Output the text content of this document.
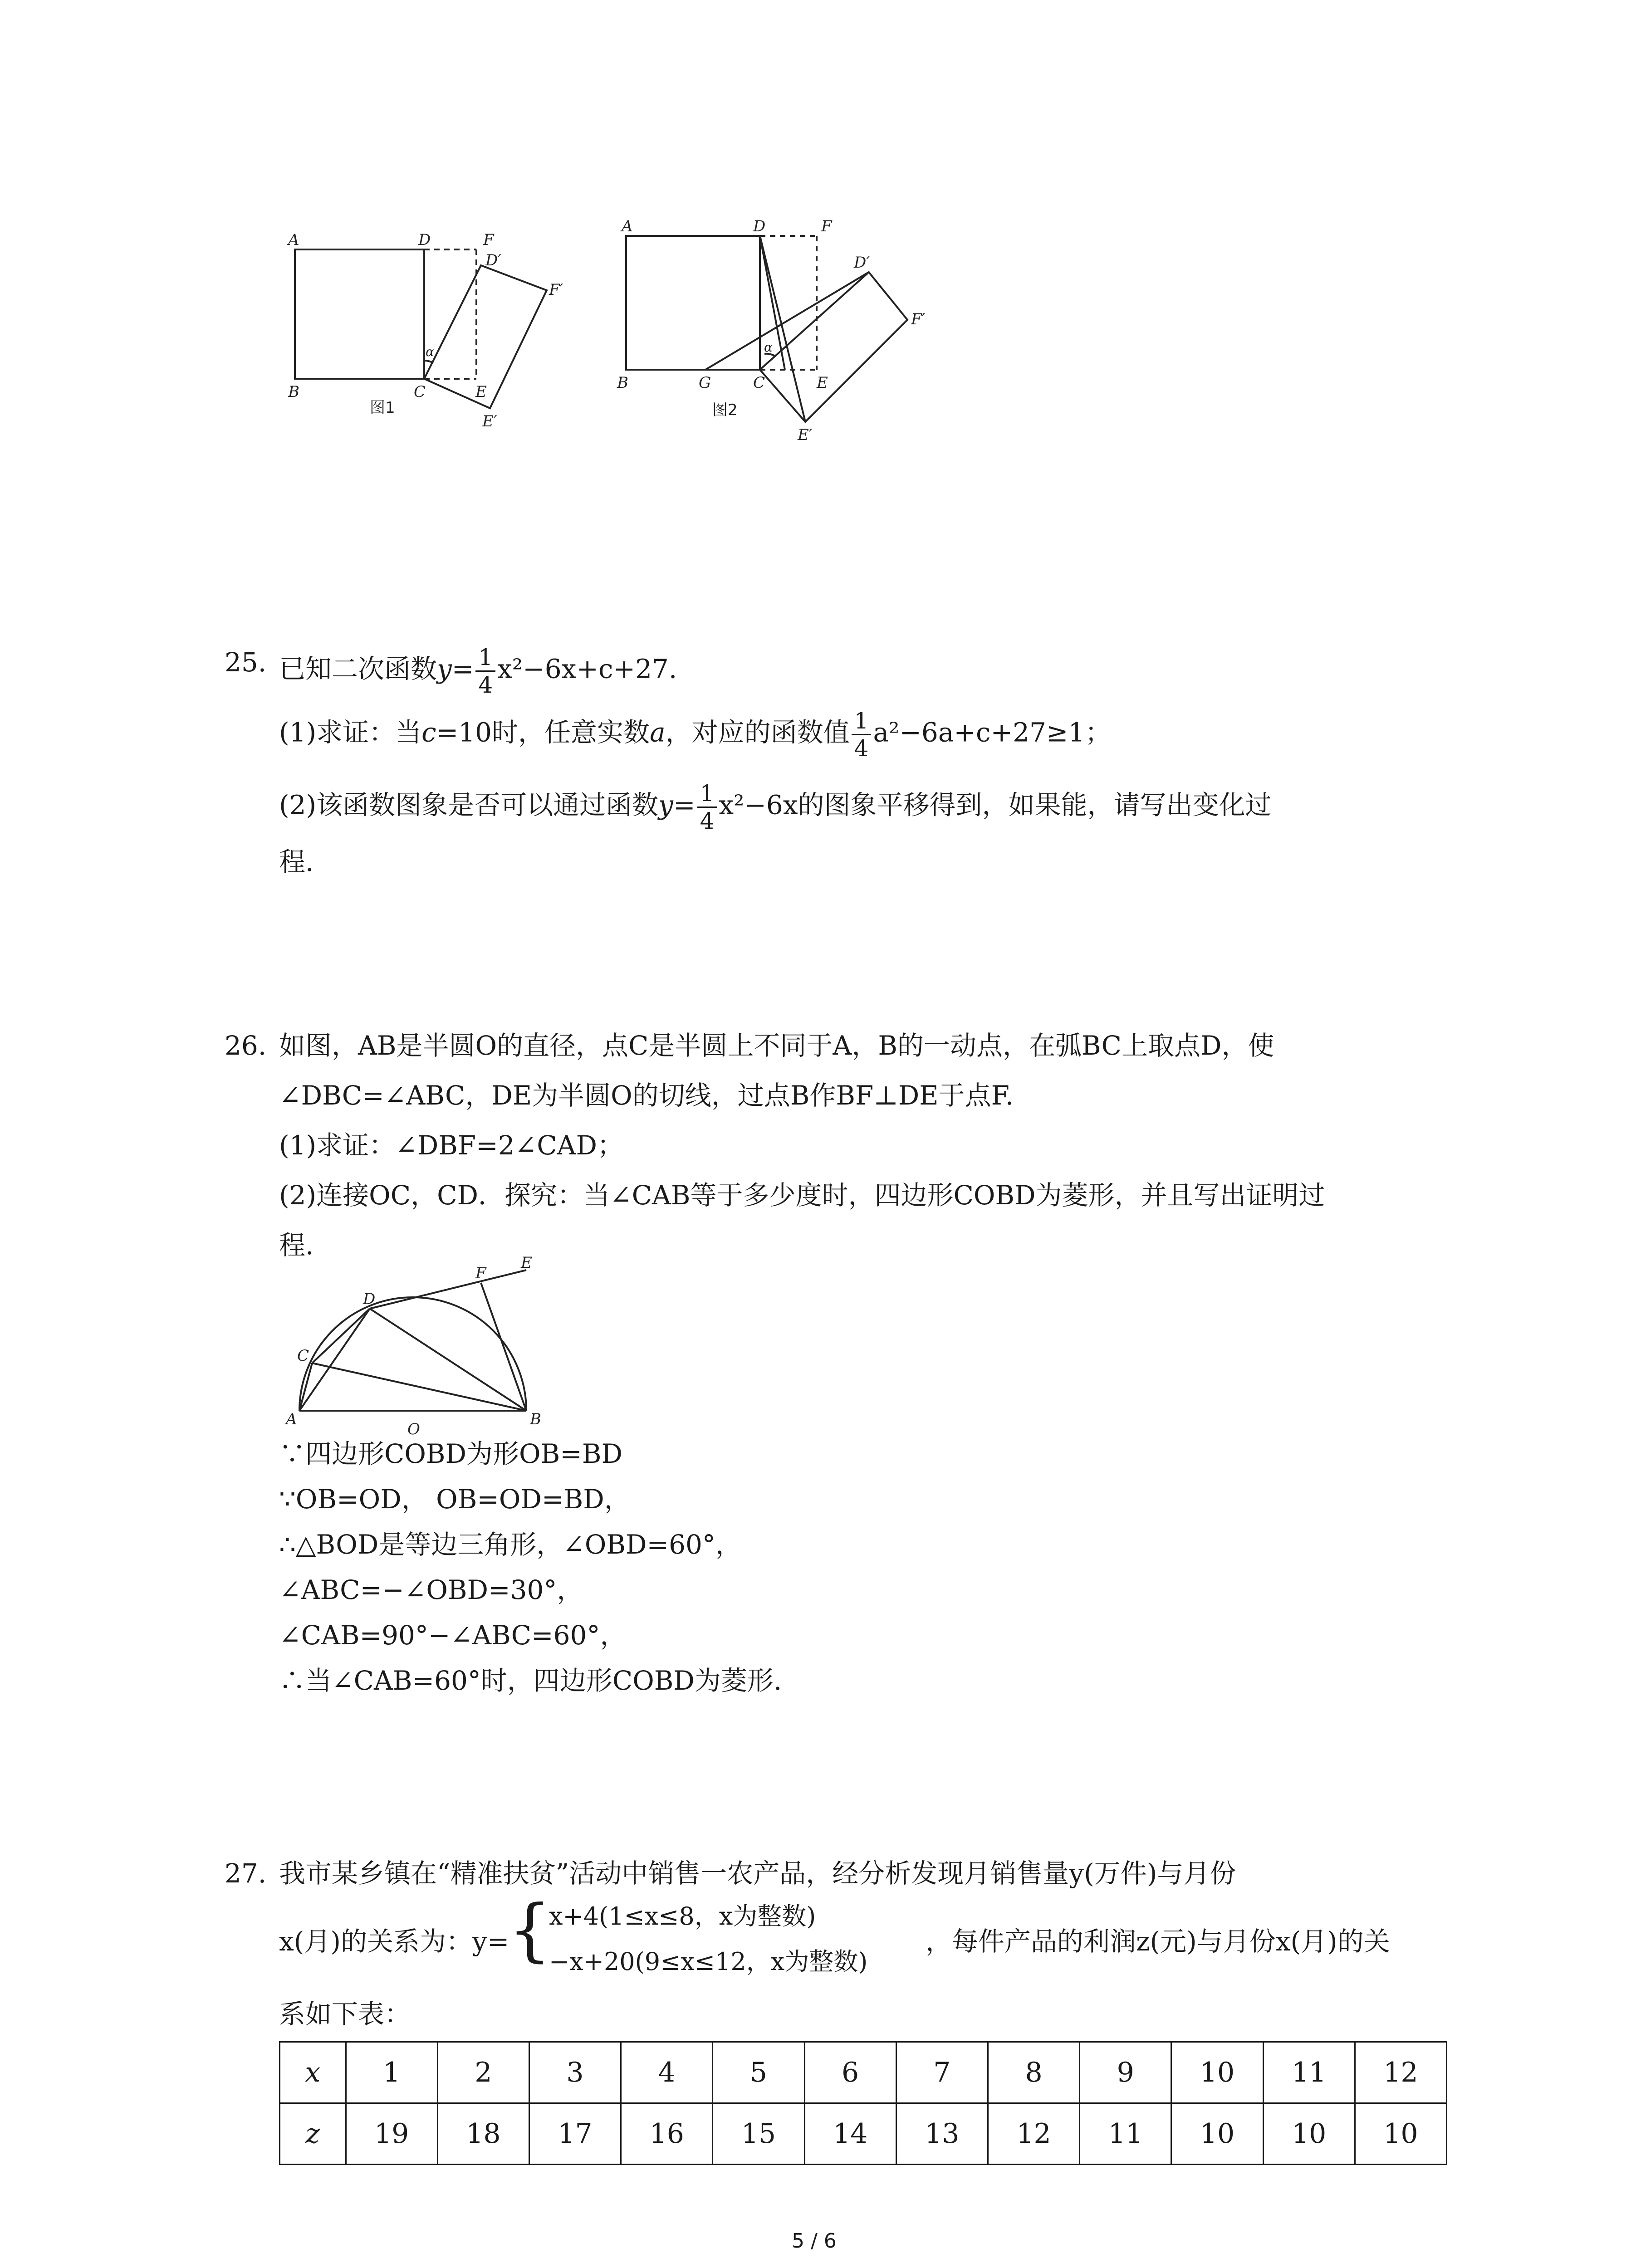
A
B	C
D
E
F
D′
E′
F′
α
图1
A
B	G	C
D
E
F
D′
E′
F′
α
图2
25. 已知二次函数$y= \frac{1}{4} x^2-6x+c+27$.
(1)求证：当c=10时，任意实数a，对应的函数值 $\frac{1}{4} a^2-6a+c+27\ge 1$；
(2)该函数图象是否可以通过函数$y= \frac{1}{4} x^2-6x$的图象平移得到，如果能，请写出变化过
程.
26. 如图，AB是半圆O的直径，点C是半圆上不同于A，B的一动点，在弧BC上取点D，使
∠DBC=∠ABC，DE为半圆O的切线，过点B作BF⊥DE于点F.
(1)求证：∠DBF=2∠CAD；
(2)连接OC，CD．探究：当∠CAB等于多少度时，四边形COBD为菱形，并且写出证明过
程.
A	B
C
D
E
F
O
∵四边形COBD为形OB=BD
∵OB=OD， OB=OD=BD，
∴△BOD是等边三角形，∠OBD=60°，
∠ABC=−∠OBD=30°，
∠CAB=90°−∠ABC=60°，
∴当∠CAB=60°时，四边形COBD为菱形.
27. 我市某乡镇在“精准扶贫”活动中销售一农产品，经分析发现月销售量y(万件)与月份
x(月)的关系为：y=
{
x+4(1≤x≤8，x为整数)
−x+20(9≤x≤12，x为整数)
，每件产品的利润z(元)与月份x(月)的关
系如下表：
x	1	2	3	4	5	6	7	8	9	10	11	12
z	19	18	17	16	15	14	13	12	11	10	10	10
5 / 6
